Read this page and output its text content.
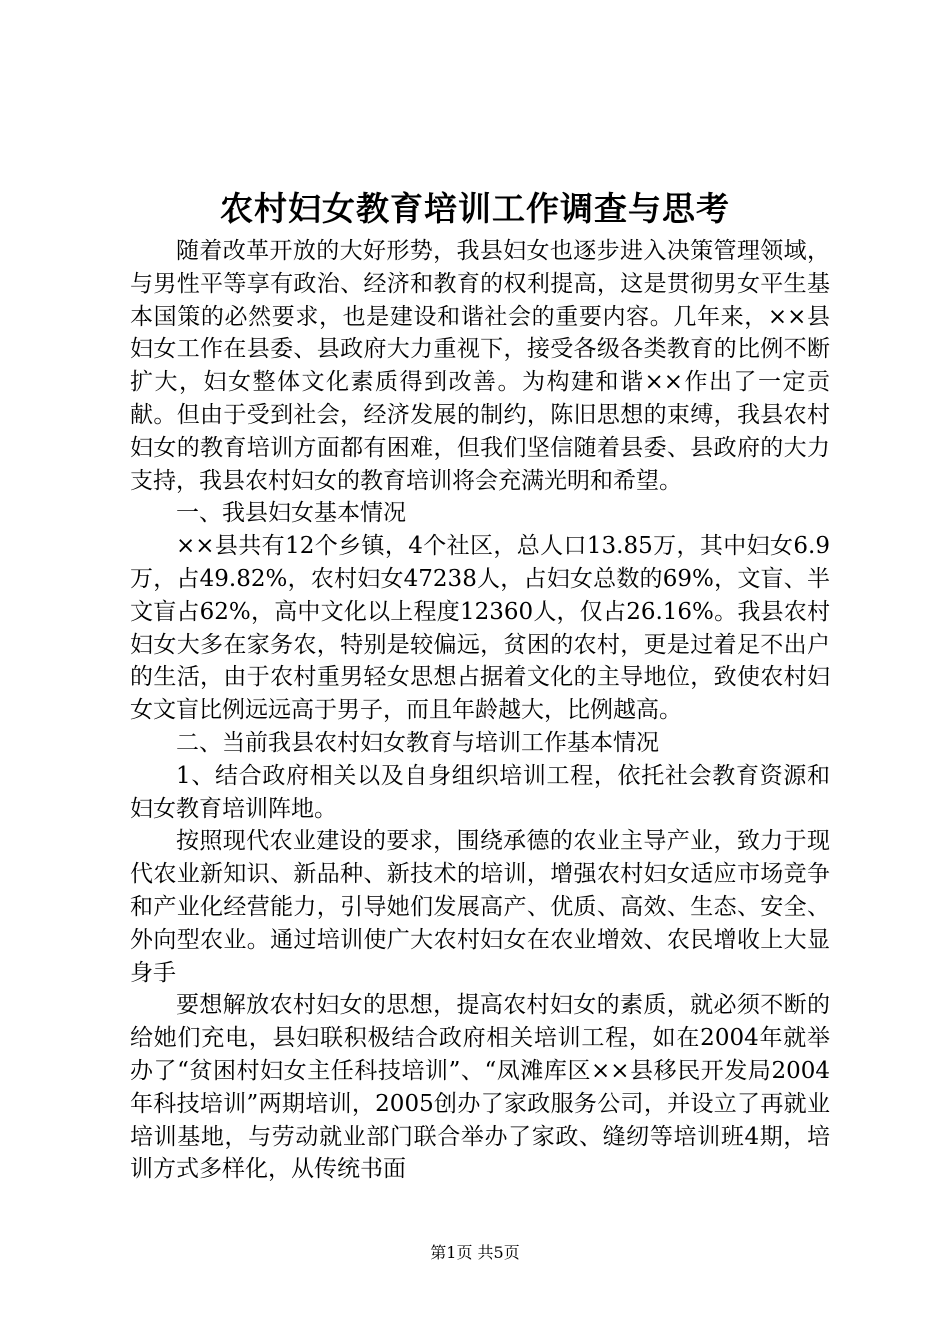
农村妇女教育培训工作调查与思考

随着改革开放的大好形势，我县妇女也逐步进入决策管理领域，与男性平等享有政治、经济和教育的权利提高，这是贯彻男女平生基本国策的必然要求，也是建设和谐社会的重要内容。几年来，××县妇女工作在县委、县政府大力重视下，接受各级各类教育的比例不断扩大，妇女整体文化素质得到改善。为构建和谐××作出了一定贡献。但由于受到社会，经济发展的制约，陈旧思想的束缚，我县农村妇女的教育培训方面都有困难，但我们坚信随着县委、县政府的大力支持，我县农村妇女的教育培训将会充满光明和希望。

一、我县妇女基本情况

××县共有12个乡镇，4个社区，总人口13.85万，其中妇女6.9万，占49.82%，农村妇女47238人，占妇女总数的69%，文盲、半文盲占62%，高中文化以上程度12360人，仅占26.16%。我县农村妇女大多在家务农，特别是较偏远，贫困的农村，更是过着足不出户的生活，由于农村重男轻女思想占据着文化的主导地位，致使农村妇女文盲比例远远高于男子，而且年龄越大，比例越高。

二、当前我县农村妇女教育与培训工作基本情况

1、结合政府相关以及自身组织培训工程，依托社会教育资源和妇女教育培训阵地。

按照现代农业建设的要求，围绕承德的农业主导产业，致力于现代农业新知识、新品种、新技术的培训，增强农村妇女适应市场竞争和产业化经营能力，引导她们发展高产、优质、高效、生态、安全、外向型农业。通过培训使广大农村妇女在农业增效、农民增收上大显身手

要想解放农村妇女的思想，提高农村妇女的素质，就必须不断的给她们充电，县妇联积极结合政府相关培训工程，如在2004年就举办了“贫困村妇女主任科技培训”、“凤滩库区××县移民开发局2004年科技培训”两期培训，2005创办了家政服务公司，并设立了再就业培训基地，与劳动就业部门联合举办了家政、缝纫等培训班4期，培训方式多样化，从传统书面

第1页 共5页
